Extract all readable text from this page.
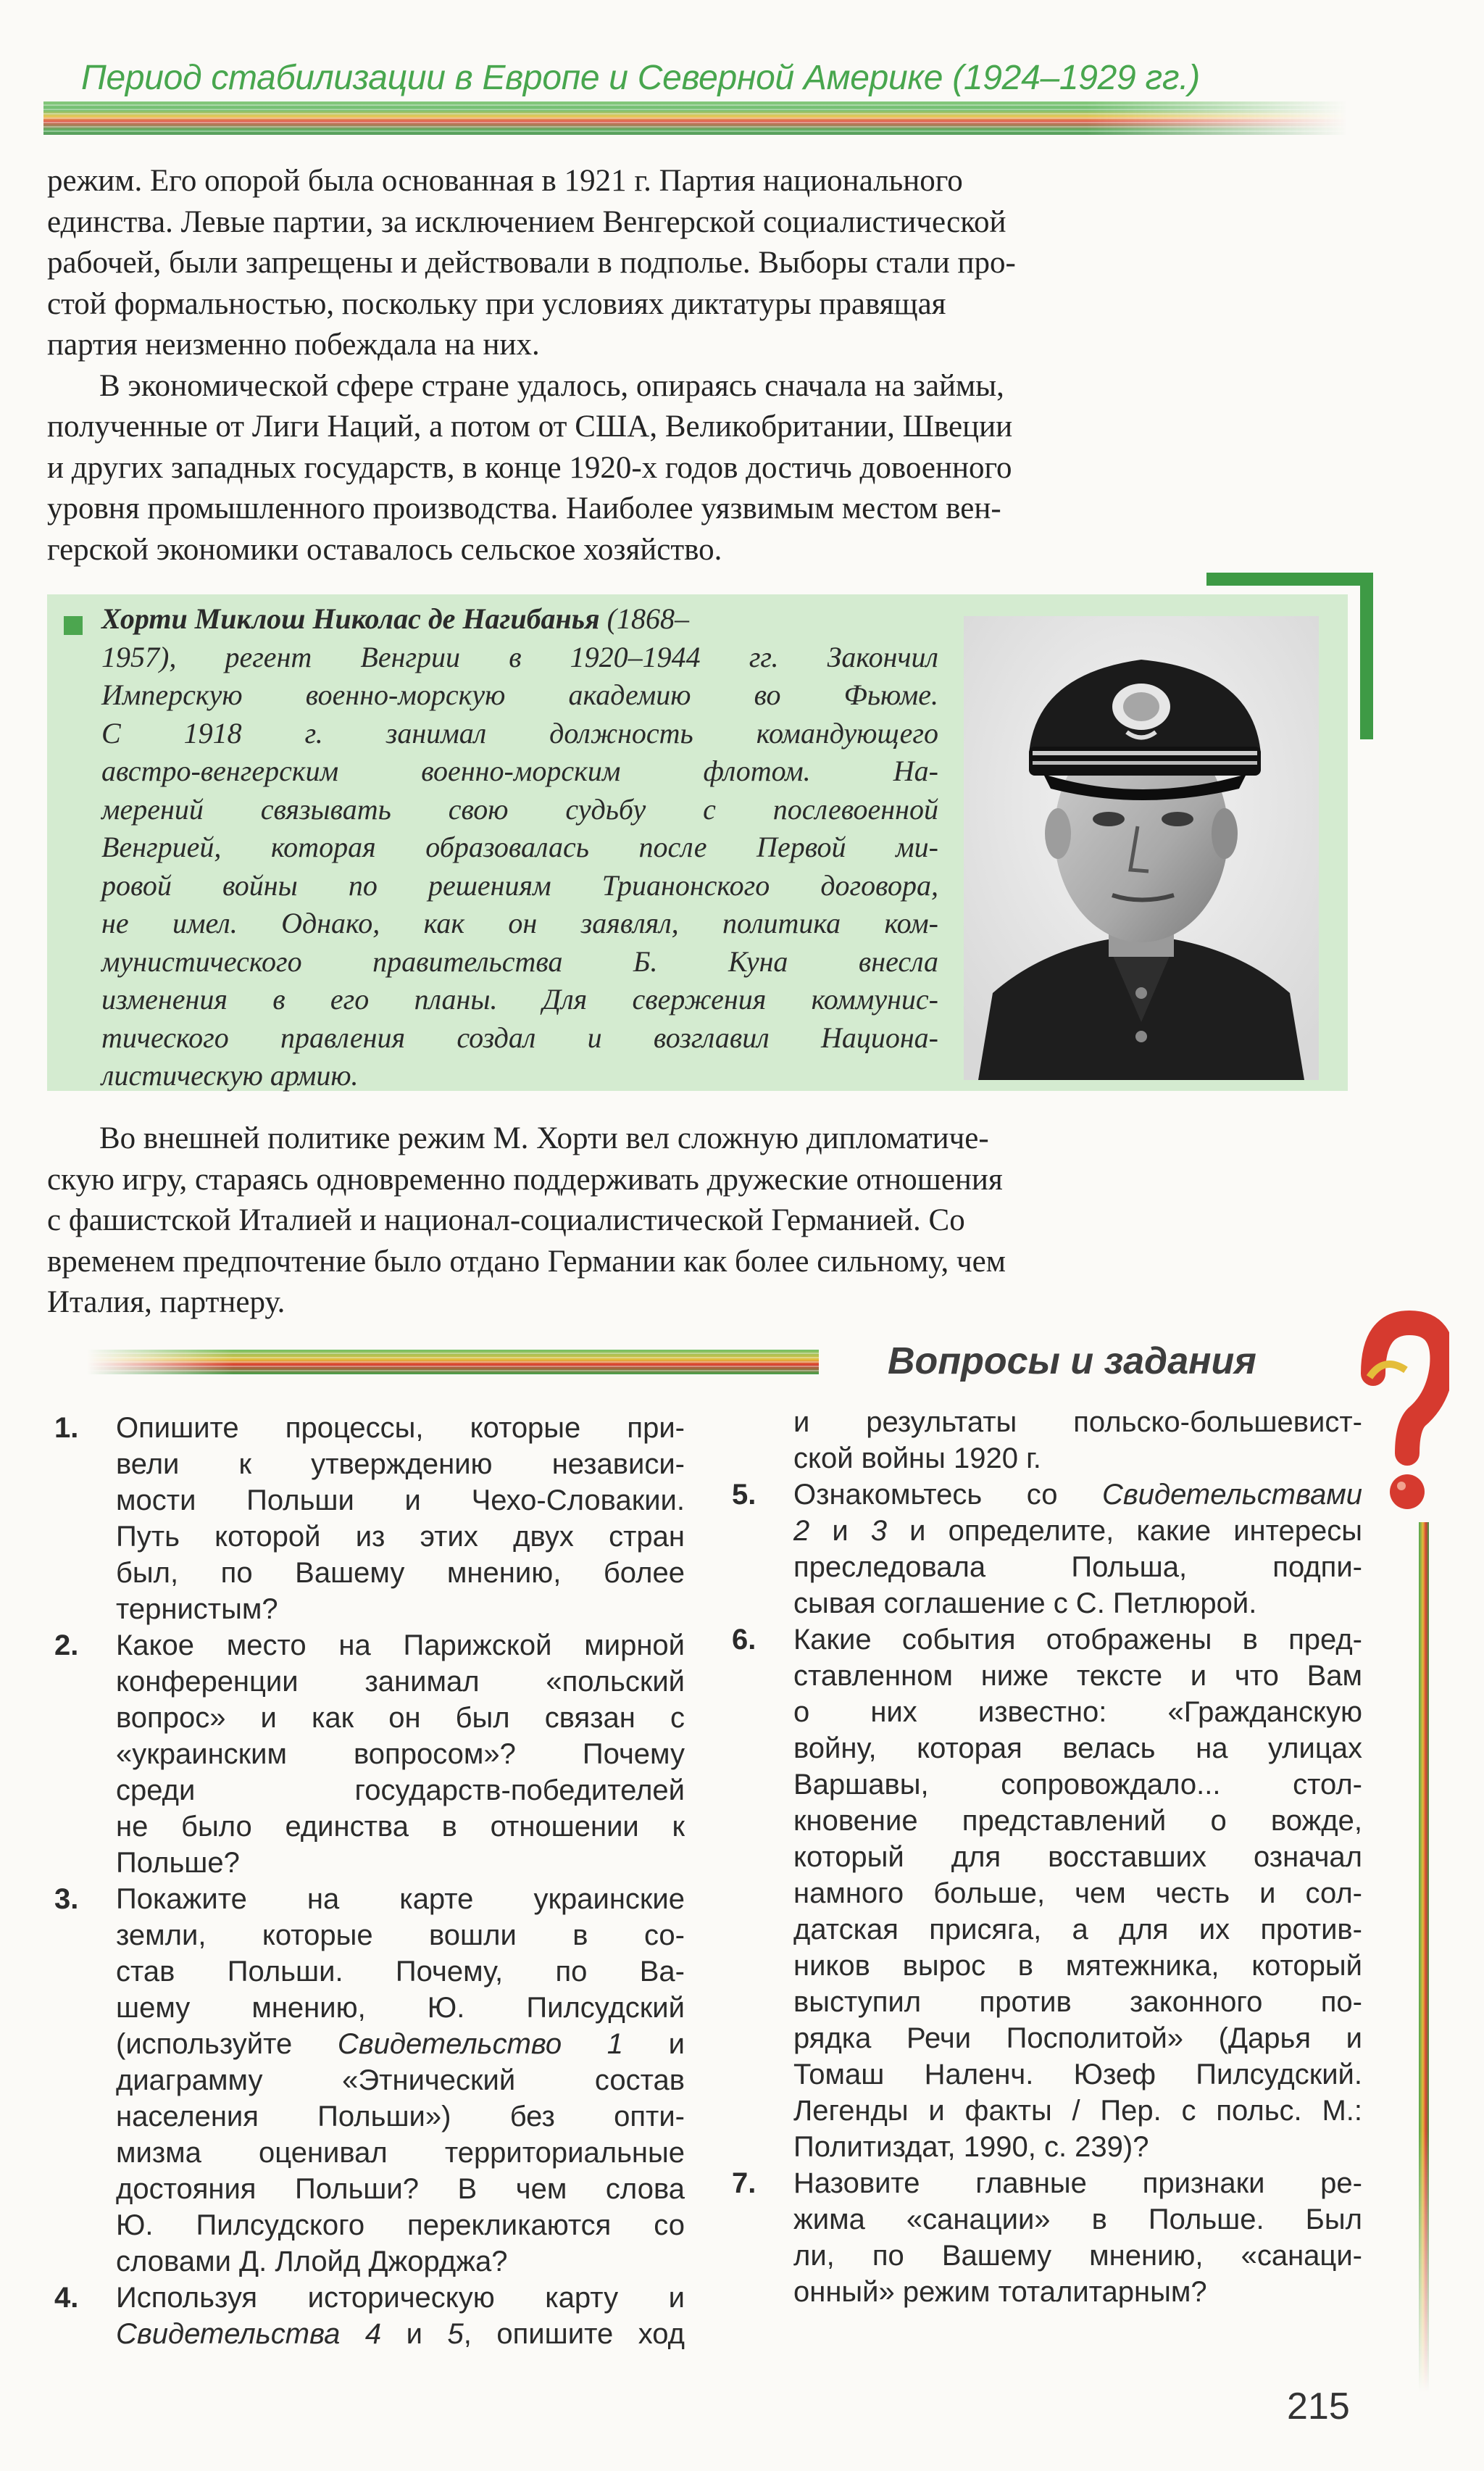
Период стабилизации в Европе и Северной Америке (1924–1929 гг.)
режим. Его опорой была основанная в 1921 г. Партия национального
единства. Левые партии, за исключением Венгерской социалистической
рабочей, были запрещены и действовали в подполье. Выборы стали про-
стой формальностью, поскольку при условиях диктатуры правящая
партия неизменно побеждала на них.
В экономической сфере стране удалось, опираясь сначала на займы,
полученные от Лиги Наций, а потом от США, Великобритании, Швеции
и других западных государств, в конце 1920-х годов достичь довоенного
уровня промышленного производства. Наиболее уязвимым местом вен-
герской экономики оставалось сельское хозяйство.
Хорти Миклош Николас де Нагибанья (1868–
1957), регент Венгрии в 1920–1944 гг. Закончил
Имперскую военно-морскую академию во Фьюме.
С 1918 г. занимал должность командующего
австро-венгерским военно-морским флотом. На-
мерений связывать свою судьбу с послевоенной
Венгрией, которая образовалась после Первой ми-
ровой войны по решениям Трианонского договора,
не имел. Однако, как он заявлял, политика ком-
мунистического правительства Б. Куна внесла
изменения в его планы. Для свержения коммунис-
тического правления создал и возглавил Национа-
листическую армию.
Во внешней политике режим М. Хорти вел сложную дипломатиче-
скую игру, стараясь одновременно поддерживать дружеские отношения
с фашистской Италией и национал-социалистической Германией. Со
временем предпочтение было отдано Германии как более сильному, чем
Италия, партнеру.
Вопросы и задания
1. Опишите процессы, которые при-
вели к утверждению независи-
мости Польши и Чехо-Словакии.
Путь которой из этих двух стран
был, по Вашему мнению, более
тернистым?
2. Какое место на Парижской мирной
конференции занимал «польский
вопрос» и как он был связан с
«украинским вопросом»? Почему
среди государств-победителей
не было единства в отношении к
Польше?
3. Покажите на карте украинские
земли, которые вошли в со-
став Польши. Почему, по Ва-
шему мнению, Ю. Пилсудский
(используйте Свидетельство 1 и
диаграмму «Этнический состав
населения Польши») без опти-
мизма оценивал территориальные
достояния Польши? В чем слова
Ю. Пилсудского перекликаются со
словами Д. Ллойд Джорджа?
4. Используя историческую карту и
Свидетельства 4 и 5, опишите ход
и результаты польско-большевист-
ской войны 1920 г.
5. Ознакомьтесь со Свидетельствами
2 и 3 и определите, какие интересы
преследовала Польша, подпи-
сывая соглашение с С. Петлюрой.
6. Какие события отображены в пред-
ставленном ниже тексте и что Вам
о них известно: «Гражданскую
войну, которая велась на улицах
Варшавы, сопровождало... стол-
кновение представлений о вожде,
который для восставших означал
намного больше, чем честь и сол-
датская присяга, а для их против-
ников вырос в мятежника, который
выступил против законного по-
рядка Речи Посполитой» (Дарья и
Томаш Наленч. Юзеф Пилсудский.
Легенды и факты / Пер. с польс. М.:
Политиздат, 1990, с. 239)?
7. Назовите главные признаки ре-
жима «санации» в Польше. Был
ли, по Вашему мнению, «санаци-
онный» режим тоталитарным?
215
